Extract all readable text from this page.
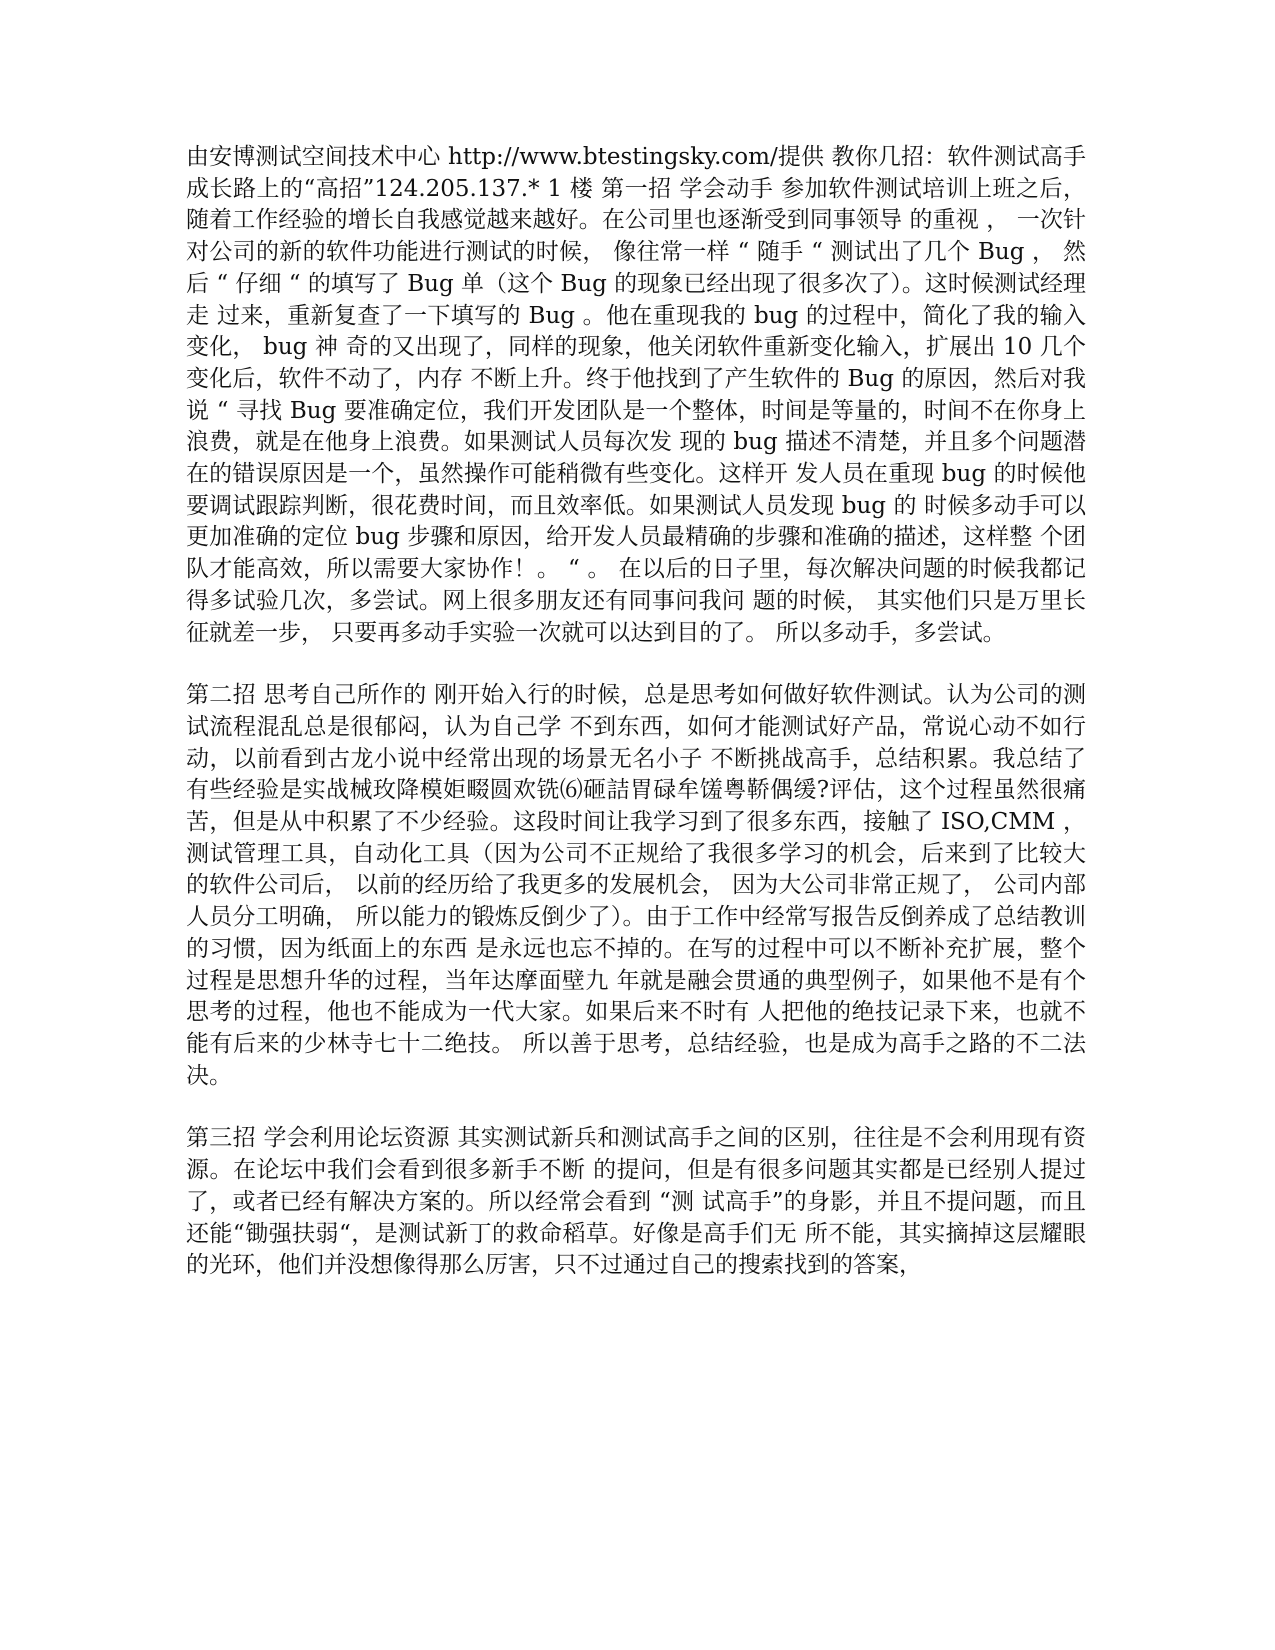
由安博测试空间技术中心 http://www.btestingsky.com/提供 教你几招：软件测试高手成长路上的“高招”124.205.137.* 1 楼 第一招 学会动手 参加软件测试培训上班之后，随着工作经验的增长自我感觉越来越好。在公司里也逐渐受到同事领导 的重视 ， 一次针对公司的新的软件功能进行测试的时候， 像往常一样 “ 随手 “ 测试出了几个 Bug ， 然后 “ 仔细 “ 的填写了 Bug 单（这个 Bug 的现象已经出现了很多次了）。这时候测试经理走 过来，重新复查了一下填写的 Bug 。他在重现我的 bug 的过程中，简化了我的输入变化， bug 神 奇的又出现了，同样的现象，他关闭软件重新变化输入，扩展出 10 几个变化后，软件不动了，内存 不断上升。终于他找到了产生软件的 Bug 的原因，然后对我说 “ 寻找 Bug 要准确定位，我们开发团队是一个整体，时间是等量的，时间不在你身上浪费，就是在他身上浪费。如果测试人员每次发 现的 bug 描述不清楚，并且多个问题潜在的错误原因是一个，虽然操作可能稍微有些变化。这样开 发人员在重现 bug 的时候他要调试跟踪判断，很花费时间，而且效率低。如果测试人员发现 bug 的 时候多动手可以更加准确的定位 bug 步骤和原因，给开发人员最精确的步骤和准确的描述，这样整 个团队才能高效，所以需要大家协作！。 “ 。 在以后的日子里，每次解决问题的时候我都记得多试验几次，多尝试。网上很多朋友还有同事问我问 题的时候， 其实他们只是万里长征就差一步， 只要再多动手实验一次就可以达到目的了。 所以多动手，多尝试。

第二招 思考自己所作的 刚开始入行的时候，总是思考如何做好软件测试。认为公司的测试流程混乱总是很郁闷，认为自己学 不到东西，如何才能测试好产品，常说心动不如行动，以前看到古龙小说中经常出现的场景无名小子 不断挑战高手，总结积累。我总结了有些经验是实战械玫降模姖畷圆欢铣⑹砸詰胃碌牟馐粤鞒偶缓?评估，这个过程虽然很痛苦，但是从中积累了不少经验。这段时间让我学习到了很多东西，接触了 ISO,CMM ，测试管理工具，自动化工具（因为公司不正规给了我很多学习的机会，后来到了比较大 的软件公司后， 以前的经历给了我更多的发展机会， 因为大公司非常正规了， 公司内部人员分工明确， 所以能力的锻炼反倒少了）。由于工作中经常写报告反倒养成了总结教训的习惯，因为纸面上的东西 是永远也忘不掉的。在写的过程中可以不断补充扩展，整个过程是思想升华的过程，当年达摩面壁九 年就是融会贯通的典型例子，如果他不是有个思考的过程，他也不能成为一代大家。如果后来不时有 人把他的绝技记录下来，也就不能有后来的少林寺七十二绝技。 所以善于思考，总结经验，也是成为高手之路的不二法决。

第三招 学会利用论坛资源 其实测试新兵和测试高手之间的区别，往往是不会利用现有资源。在论坛中我们会看到很多新手不断 的提问，但是有很多问题其实都是已经别人提过了，或者已经有解决方案的。所以经常会看到 “测 试高手”的身影，并且不提问题，而且还能“锄强扶弱“，是测试新丁的救命稻草。好像是高手们无 所不能，其实摘掉这层耀眼的光环，他们并没想像得那么厉害，只不过通过自己的搜索找到的答案，
